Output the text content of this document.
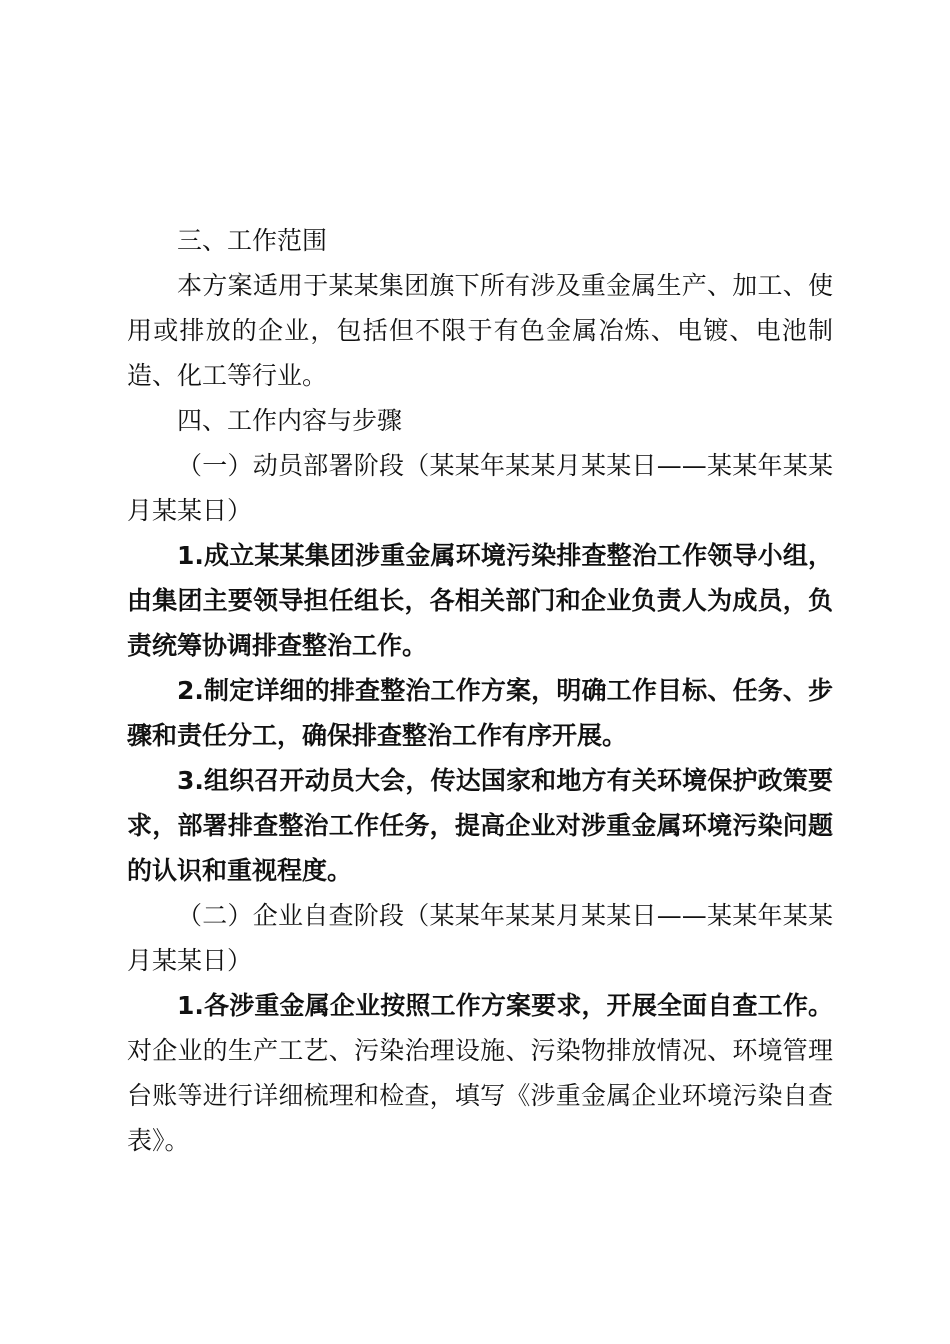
三、工作范围

本方案适用于某某集团旗下所有涉及重金属生产、加工、使用或排放的企业，包括但不限于有色金属冶炼、电镀、电池制造、化工等行业。

四、工作内容与步骤

（一）动员部署阶段（某某年某某月某某日——某某年某某月某某日）

1.成立某某集团涉重金属环境污染排查整治工作领导小组，由集团主要领导担任组长，各相关部门和企业负责人为成员，负责统筹协调排查整治工作。

2.制定详细的排查整治工作方案，明确工作目标、任务、步骤和责任分工，确保排查整治工作有序开展。

3.组织召开动员大会，传达国家和地方有关环境保护政策要求，部署排查整治工作任务，提高企业对涉重金属环境污染问题的认识和重视程度。

（二）企业自查阶段（某某年某某月某某日——某某年某某月某某日）

1.各涉重金属企业按照工作方案要求，开展全面自查工作。对企业的生产工艺、污染治理设施、污染物排放情况、环境管理台账等进行详细梳理和检查，填写《涉重金属企业环境污染自查表》。
